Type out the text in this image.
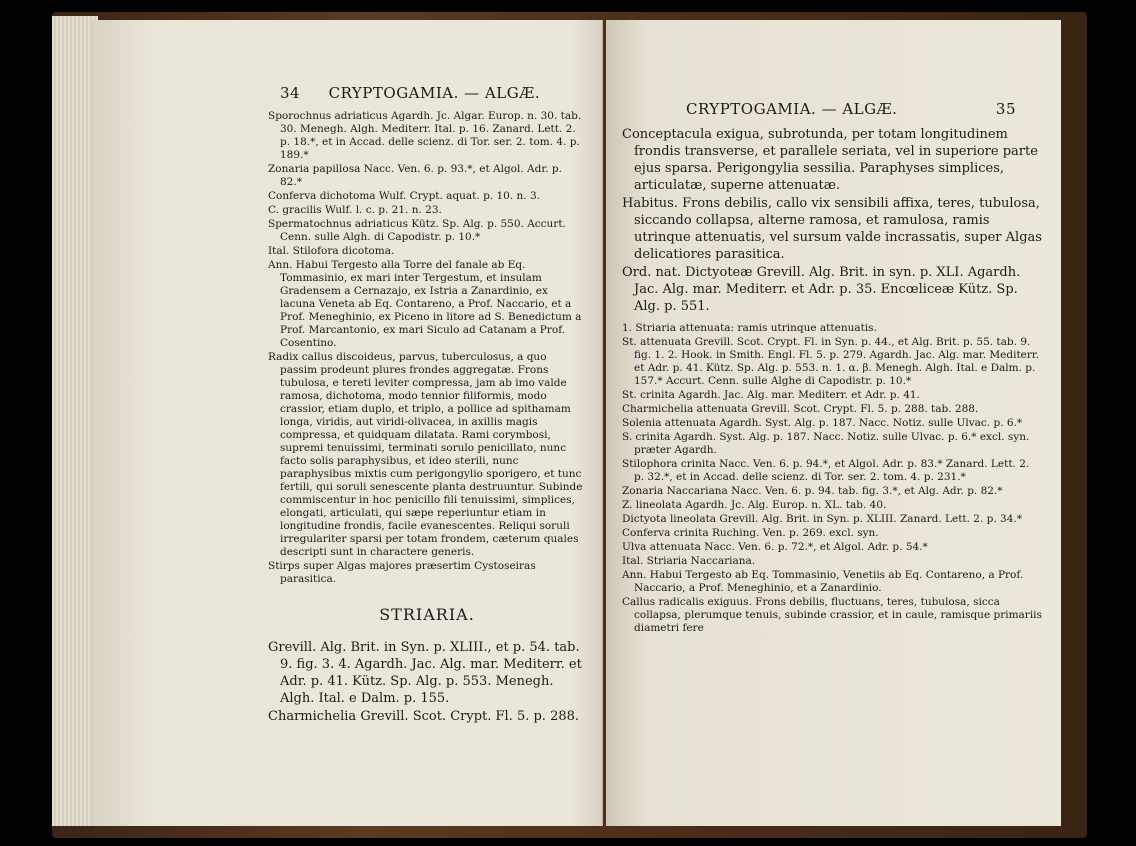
34 CRYPTOGAMIA. — ALGÆ.

Sporochnus adriaticus Agardh. Jc. Algar. Europ. n. 30. tab. 30. Menegh. Algh. Mediterr. Ital. p. 16. Zanard. Lett. 2. p. 18.*, et in Accad. delle scienz. di Tor. ser. 2. tom. 4. p. 189.*

Zonaria papillosa Nacc. Ven. 6. p. 93.*, et Algol. Adr. p. 82.*

Conferva dichotoma Wulf. Crypt. aquat. p. 10. n. 3.

C. gracilis Wulf. l. c. p. 21. n. 23.

Spermatochnus adriaticus Kütz. Sp. Alg. p. 550. Accurt. Cenn. sulle Algh. di Capodistr. p. 10.*

Ital. Stilofora dicotoma.

Ann. Habui Tergesto alla Torre del fanale ab Eq. Tommasinio, ex mari inter Tergestum, et insulam Gradensem a Cernazajo, ex Istria a Zanardinio, ex lacuna Veneta ab Eq. Contareno, a Prof. Naccario, et a Prof. Meneghinio, ex Piceno in litore ad S. Benedictum a Prof. Marcantonio, ex mari Siculo ad Catanam a Prof. Cosentino.

Radix callus discoideus, parvus, tuberculosus, a quo passim prodeunt plures frondes aggregatæ. Frons tubulosa, e tereti leviter compressa, jam ab imo valde ramosa, dichotoma, modo tennior filiformis, modo crassior, etiam duplo, et triplo, a pollice ad spithamam longa, viridis, aut viridi-olivacea, in axillis magis compressa, et quidquam dilatata. Rami corymbosi, supremi tenuissimi, terminati sorulo penicillato, nunc facto solis paraphysibus, et ideo sterili, nunc paraphysibus mixtis cum perigongylio sporigero, et tunc fertili, qui soruli senescente planta destruuntur. Subinde commiscentur in hoc penicillo fili tenuissimi, simplices, elongati, articulati, qui sæpe reperiuntur etiam in longitudine frondis, facile evanescentes. Reliqui soruli irregulariter sparsi per totam frondem, cæterum quales descripti sunt in charactere generis.

Stirps super Algas majores præsertim Cystoseiras parasitica.

STRIARIA.

Grevill. Alg. Brit. in Syn. p. XLIII., et p. 54. tab. 9. fig. 3. 4. Agardh. Jac. Alg. mar. Mediterr. et Adr. p. 41. Kütz. Sp. Alg. p. 553. Menegh. Algh. Ital. e Dalm. p. 155.

Charmichelia Grevill. Scot. Crypt. Fl. 5. p. 288.

CRYPTOGAMIA. — ALGÆ.	35

Conceptacula exigua, subrotunda, per totam longitudinem frondis transverse, et parallele seriata, vel in superiore parte ejus sparsa. Perigongylia sessilia. Paraphyses simplices, articulatæ, superne attenuatæ.

Habitus. Frons debilis, callo vix sensibili affixa, teres, tubulosa, siccando collapsa, alterne ramosa, et ramulosa, ramis utrinque attenuatis, vel sursum valde incrassatis, super Algas delicatiores parasitica.

Ord. nat. Dictyoteæ Grevill. Alg. Brit. in syn. p. XLI. Agardh. Jac. Alg. mar. Mediterr. et Adr. p. 35. Encœliceæ Kütz. Sp. Alg. p. 551.

1. Striaria attenuata: ramis utrinque attenuatis.

St. attenuata Grevill. Scot. Crypt. Fl. in Syn. p. 44., et Alg. Brit. p. 55. tab. 9. fig. 1. 2. Hook. in Smith. Engl. Fl. 5. p. 279. Agardh. Jac. Alg. mar. Mediterr. et Adr. p. 41. Kütz. Sp. Alg. p. 553. n. 1. α. β. Menegh. Algh. Ital. e Dalm. p. 157.* Accurt. Cenn. sulle Alghe di Capodistr. p. 10.*

St. crinita Agardh. Jac. Alg. mar. Mediterr. et Adr. p. 41.

Charmichelia attenuata Grevill. Scot. Crypt. Fl. 5. p. 288. tab. 288.

Solenia attenuata Agardh. Syst. Alg. p. 187. Nacc. Notiz. sulle Ulvac. p. 6.*

S. crinita Agardh. Syst. Alg. p. 187. Nacc. Notiz. sulle Ulvac. p. 6.* excl. syn. præter Agardh.

Stilophora crinita Nacc. Ven. 6. p. 94.*, et Algol. Adr. p. 83.* Zanard. Lett. 2. p. 32.*, et in Accad. delle scienz. di Tor. ser. 2. tom. 4. p. 231.*

Zonaria Naccariana Nacc. Ven. 6. p. 94. tab. fig. 3.*, et Alg. Adr. p. 82.*

Z. lineolata Agardh. Jc. Alg. Europ. n. XL. tab. 40.

Dictyota lineolata Grevill. Alg. Brit. in Syn. p. XLIII. Zanard. Lett. 2. p. 34.*

Conferva crinita Ruching. Ven. p. 269. excl. syn.

Ulva attenuata Nacc. Ven. 6. p. 72.*, et Algol. Adr. p. 54.*

Ital. Striaria Naccariana.

Ann. Habui Tergesto ab Eq. Tommasinio, Venetiis ab Eq. Contareno, a Prof. Naccario, a Prof. Meneghinio, et a Zanardinio.

Callus radicalis exiguus. Frons debilis, fluctuans, teres, tubulosa, sicca collapsa, plerumque tenuis, subinde crassior, et in caule, ramisque primariis diametri fere
